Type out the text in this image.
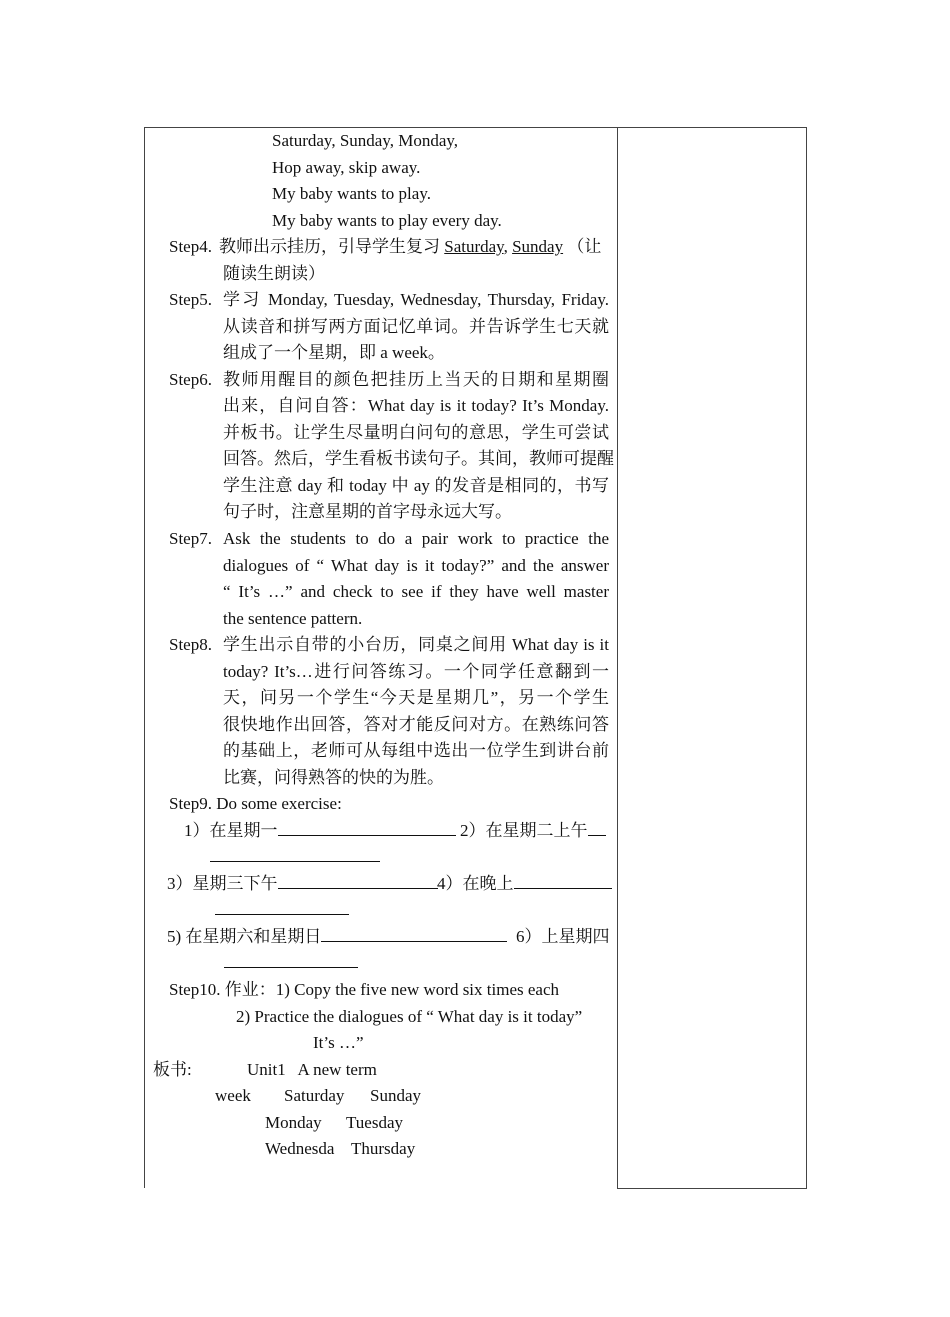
Saturday, Sunday, Monday,
Hop away, skip away.
My baby wants to play.
My baby wants to play every day.
Step4. 教师出示挂历，引导学生复习 Saturday, Sunday （让
随读生朗读）
Step5. 学习 Monday, Tuesday, Wednesday, Thursday, Friday.
从读音和拼写两方面记忆单词。并告诉学生七天就
组成了一个星期，即 a week。
Step6. 教师用醒目的颜色把挂历上当天的日期和星期圈
出来，自问自答：What day is it today? It’s Monday.
并板书。让学生尽量明白问句的意思，学生可尝试
回答。然后，学生看板书读句子。其间，教师可提醒
学生注意 day 和 today 中 ay 的发音是相同的，书写
句子时，注意星期的首字母永远大写。
Step7. Ask the students to do a pair work to practice the
dialogues of “ What day is it today?” and the answer
“ It’s …” and check to see if they have well master
the sentence pattern.
Step8. 学生出示自带的小台历，同桌之间用 What day is it
today? It’s…进行问答练习。一个同学任意翻到一
天，问另一个学生“今天是星期几”，另一个学生
很快地作出回答，答对才能反问对方。在熟练问答
的基础上，老师可从每组中选出一位学生到讲台前
比赛，问得熟答的快的为胜。
Step9. Do some exercise:
1）在星期一	2）在星期二上午
3）星期三下午	4）在晚上
5) 在星期六和星期日	6）上星期四
Step10. 作业：1) Copy the five new word six times each
2) Practice the dialogues of “ What day is it today”
It’s …”
板书:	Unit1   A new term
week Saturday Sunday
Monday Tuesday
Wednesda Thursday
